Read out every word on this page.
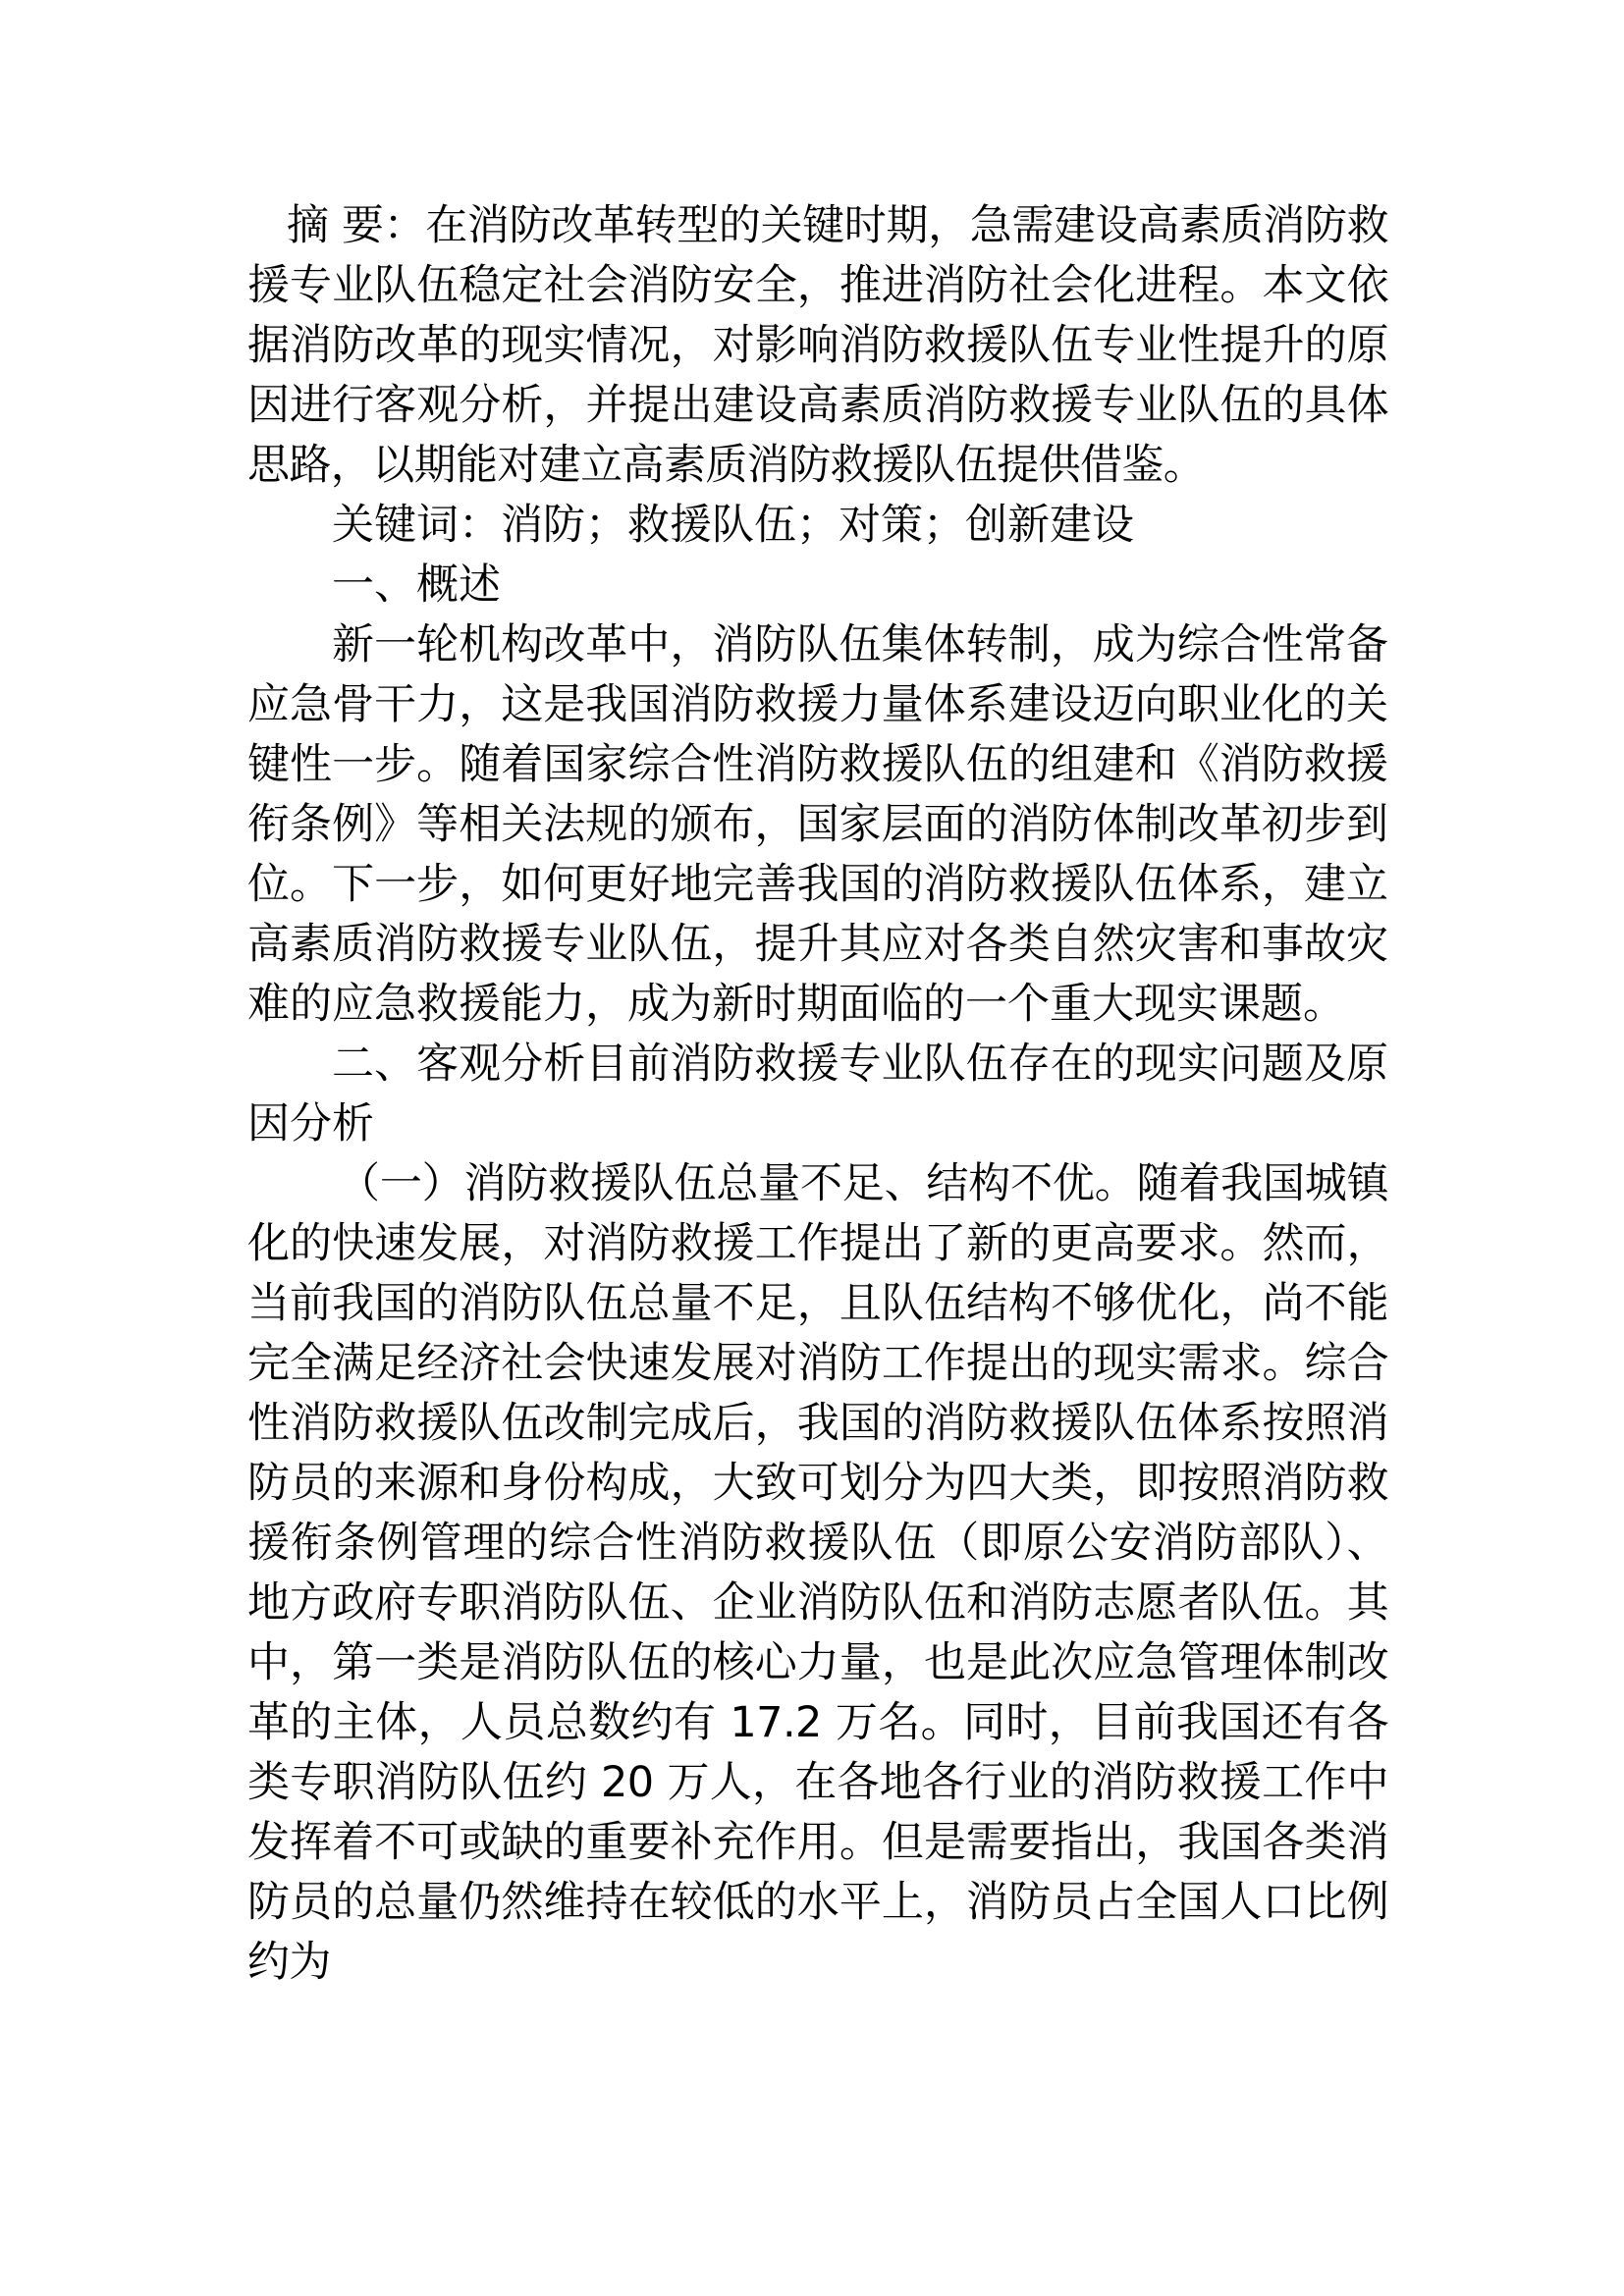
摘 要：在消防改革转型的关键时期，急需建设高素质消防救援专业队伍稳定社会消防安全，推进消防社会化进程。本文依据消防改革的现实情况，对影响消防救援队伍专业性提升的原因进行客观分析，并提出建设高素质消防救援专业队伍的具体思路，以期能对建立高素质消防救援队伍提供借鉴。

关键词：消防；救援队伍；对策；创新建设

一、概述

新一轮机构改革中，消防队伍集体转制，成为综合性常备应急骨干力，这是我国消防救援力量体系建设迈向职业化的关键性一步。随着国家综合性消防救援队伍的组建和《消防救援衔条例》等相关法规的颁布，国家层面的消防体制改革初步到位。下一步，如何更好地完善我国的消防救援队伍体系，建立高素质消防救援专业队伍，提升其应对各类自然灾害和事故灾难的应急救援能力，成为新时期面临的一个重大现实课题。

二、客观分析目前消防救援专业队伍存在的现实问题及原因分析

（一）消防救援队伍总量不足、结构不优。随着我国城镇化的快速发展，对消防救援工作提出了新的更高要求。然而，当前我国的消防队伍总量不足，且队伍结构不够优化，尚不能完全满足经济社会快速发展对消防工作提出的现实需求。综合性消防救援队伍改制完成后，我国的消防救援队伍体系按照消防员的来源和身份构成，大致可划分为四大类，即按照消防救援衔条例管理的综合性消防救援队伍（即原公安消防部队）、地方政府专职消防队伍、企业消防队伍和消防志愿者队伍。其中，第一类是消防队伍的核心力量，也是此次应急管理体制改革的主体，人员总数约有 17.2 万名。同时，目前我国还有各类专职消防队伍约 20 万人，在各地各行业的消防救援工作中发挥着不可或缺的重要补充作用。但是需要指出，我国各类消防员的总量仍然维持在较低的水平上，消防员占全国人口比例约为
